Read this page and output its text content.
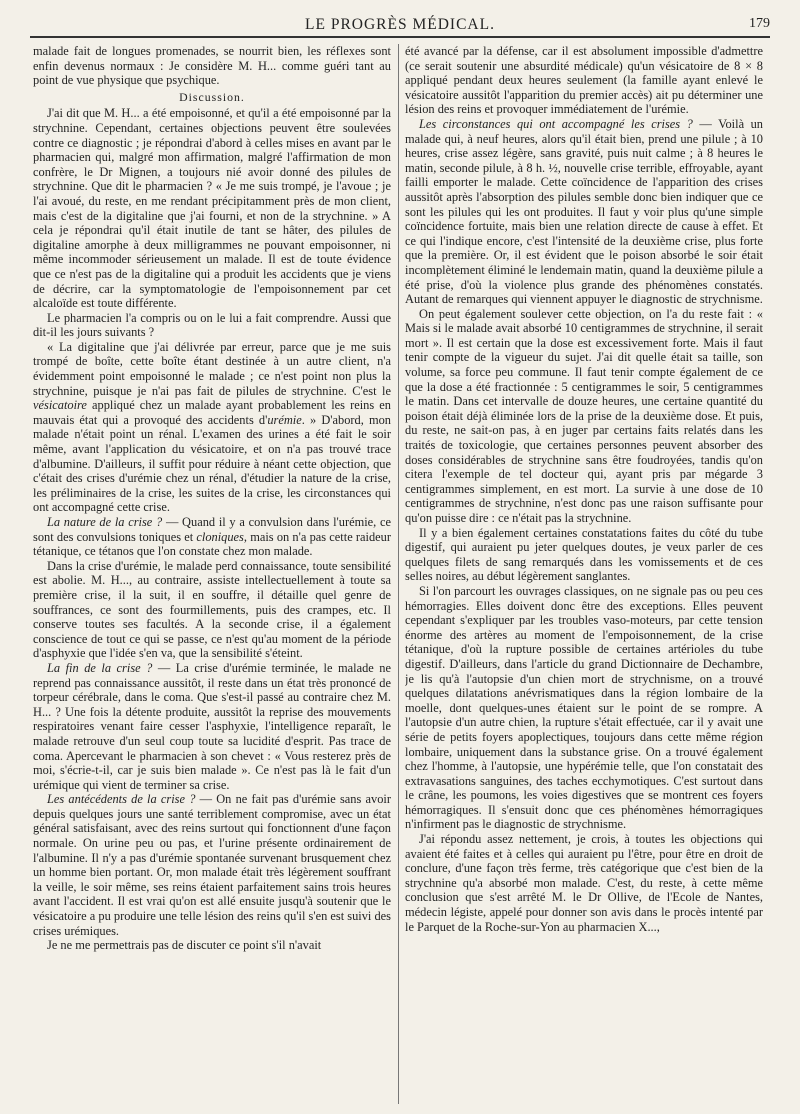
LE PROGRÈS MÉDICAL.	179

malade fait de longues promenades, se nourrit bien, les réflexes sont enfin devenus normaux : Je considère M. H... comme guéri tant au point de vue physique que psychique.

Discussion.

J'ai dit que M. H... a été empoisonné, et qu'il a été empoisonné par la strychnine. Cependant, certaines objections peuvent être soulevées contre ce diagnostic ; je répondrai d'abord à celles mises en avant par le pharmacien qui, malgré mon affirmation, malgré l'affirmation de mon confrère, le Dr Mignen, a toujours nié avoir donné des pilules de strychnine. Que dit le pharmacien ? « Je me suis trompé, je l'avoue ; je l'ai avoué, du reste, en me rendant précipitamment près de mon client, mais c'est de la digitaline que j'ai fourni, et non de la strychnine. » A cela je répondrai qu'il était inutile de tant se hâter, des pilules de digitaline amorphe à deux milligrammes ne pouvant empoisonner, ni même incommoder sérieusement un malade. Il est de toute évidence que ce n'est pas de la digitaline qui a produit les accidents que je viens de décrire, car la symptomatologie de l'empoisonnement par cet alcaloïde est toute différente.

Le pharmacien l'a compris ou on le lui a fait comprendre. Aussi que dit-il les jours suivants ?

« La digitaline que j'ai délivrée par erreur, parce que je me suis trompé de boîte, cette boîte étant destinée à un autre client, n'a évidemment point empoisonné le malade ; ce n'est point non plus la strychnine, puisque je n'ai pas fait de pilules de strychnine. C'est le vésicatoire appliqué chez un malade ayant probablement les reins en mauvais état qui a provoqué des accidents d'urémie. » D'abord, mon malade n'était point un rénal. L'examen des urines a été fait le soir même, avant l'application du vésicatoire, et on n'a pas trouvé trace d'albumine. D'ailleurs, il suffit pour réduire à néant cette objection, que c'était des crises d'urémie chez un rénal, d'étudier la nature de la crise, les préliminaires de la crise, les suites de la crise, les circonstances qui ont accompagné cette crise.

La nature de la crise ? — Quand il y a convulsion dans l'urémie, ce sont des convulsions toniques et cloniques, mais on n'a pas cette raideur tétanique, ce tétanos que l'on constate chez mon malade.

Dans la crise d'urémie, le malade perd connaissance, toute sensibilité est abolie. M. H..., au contraire, assiste intellectuellement à toute sa première crise, il la suit, il en souffre, il détaille quel genre de souffrances, ce sont des fourmillements, puis des crampes, etc. Il conserve toutes ses facultés. A la seconde crise, il a également conscience de tout ce qui se passe, ce n'est qu'au moment de la période d'asphyxie que l'idée s'en va, que la sensibilité s'éteint.

La fin de la crise ? — La crise d'urémie terminée, le malade ne reprend pas connaissance aussitôt, il reste dans un état très prononcé de torpeur cérébrale, dans le coma. Que s'est-il passé au contraire chez M. H... ? Une fois la détente produite, aussitôt la reprise des mouvements respiratoires venant faire cesser l'asphyxie, l'intelligence reparaît, le malade retrouve d'un seul coup toute sa lucidité d'esprit. Pas trace de coma. Apercevant le pharmacien à son chevet : « Vous resterez près de moi, s'écrie-t-il, car je suis bien malade ». Ce n'est pas là le fait d'un urémique qui vient de terminer sa crise.

Les antécédents de la crise ? — On ne fait pas d'urémie sans avoir depuis quelques jours une santé terriblement compromise, avec un état général satisfaisant, avec des reins surtout qui fonctionnent d'une façon normale. On urine peu ou pas, et l'urine présente ordinairement de l'albumine. Il n'y a pas d'urémie spontanée survenant brusquement chez un homme bien portant. Or, mon malade était très légèrement souffrant la veille, le soir même, ses reins étaient parfaitement sains trois heures avant l'accident. Il est vrai qu'on est allé ensuite jusqu'à soutenir que le vésicatoire a pu produire une telle lésion des reins qu'il s'en est suivi des crises urémiques.

Je ne me permettrais pas de discuter ce point s'il n'avait

été avancé par la défense, car il est absolument impossible d'admettre (ce serait soutenir une absurdité médicale) qu'un vésicatoire de 8 × 8 appliqué pendant deux heures seulement (la famille ayant enlevé le vésicatoire aussitôt l'apparition du premier accès) ait pu déterminer une lésion des reins et provoquer immédiatement de l'urémie.

Les circonstances qui ont accompagné les crises ? — Voilà un malade qui, à neuf heures, alors qu'il était bien, prend une pilule ; à 10 heures, crise assez légère, sans gravité, puis nuit calme ; à 8 heures le matin, seconde pilule, à 8 h. ½, nouvelle crise terrible, effroyable, ayant failli emporter le malade. Cette coïncidence de l'apparition des crises aussitôt après l'absorption des pilules semble donc bien indiquer que ce sont les pilules qui les ont produites. Il faut y voir plus qu'une simple coïncidence fortuite, mais bien une relation directe de cause à effet. Et ce qui l'indique encore, c'est l'intensité de la deuxième crise, plus forte que la première. Or, il est évident que le poison absorbé le soir était incomplètement éliminé le lendemain matin, quand la deuxième pilule a été prise, d'où la violence plus grande des phénomènes constatés. Autant de remarques qui viennent appuyer le diagnostic de strychnisme.

On peut également soulever cette objection, on l'a du reste fait : « Mais si le malade avait absorbé 10 centigrammes de strychnine, il serait mort ». Il est certain que la dose est excessivement forte. Mais il faut tenir compte de la vigueur du sujet. J'ai dit quelle était sa taille, son volume, sa force peu commune. Il faut tenir compte également de ce que la dose a été fractionnée : 5 centigrammes le soir, 5 centigrammes le matin. Dans cet intervalle de douze heures, une certaine quantité du poison était déjà éliminée lors de la prise de la deuxième dose. Et puis, du reste, ne sait-on pas, à en juger par certains faits relatés dans les traités de toxicologie, que certaines personnes peuvent absorber des doses considérables de strychnine sans être foudroyées, tandis qu'on citera l'exemple de tel docteur qui, ayant pris par mégarde 3 centigrammes simplement, en est mort. La survie à une dose de 10 centigrammes de strychnine, n'est donc pas une raison suffisante pour qu'on puisse dire : ce n'était pas la strychnine.

Il y a bien également certaines constatations faites du côté du tube digestif, qui auraient pu jeter quelques doutes, je veux parler de ces quelques filets de sang remarqués dans les vomissements et de ces selles noires, au début légèrement sanglantes.

Si l'on parcourt les ouvrages classiques, on ne signale pas ou peu ces hémorragies. Elles doivent donc être des exceptions. Elles peuvent cependant s'expliquer par les troubles vaso-moteurs, par cette tension énorme des artères au moment de l'empoisonnement, de la crise tétanique, d'où la rupture possible de certaines artérioles du tube digestif. D'ailleurs, dans l'article du grand Dictionnaire de Dechambre, je lis qu'à l'autopsie d'un chien mort de strychnisme, on a trouvé quelques dilatations anévrismatiques dans la région lombaire de la moelle, dont quelques-unes étaient sur le point de se rompre. A l'autopsie d'un autre chien, la rupture s'était effectuée, car il y avait une série de petits foyers apoplectiques, toujours dans cette même région lombaire, uniquement dans la substance grise. On a trouvé également chez l'homme, à l'autopsie, une hypérémie telle, que l'on constatait des extravasations sanguines, des taches ecchymotiques. C'est surtout dans le crâne, les poumons, les voies digestives que se montrent ces foyers hémorragiques. Il s'ensuit donc que ces phénomènes hémorragiques n'infirment pas le diagnostic de strychnisme.

J'ai répondu assez nettement, je crois, à toutes les objections qui avaient été faites et à celles qui auraient pu l'être, pour être en droit de conclure, d'une façon très ferme, très catégorique que c'est bien de la strychnine qu'a absorbé mon malade. C'est, du reste, à cette même conclusion que s'est arrêté M. le Dr Ollive, de l'Ecole de Nantes, médecin légiste, appelé pour donner son avis dans le procès intenté par le Parquet de la Roche-sur-Yon au pharmacien X...,
